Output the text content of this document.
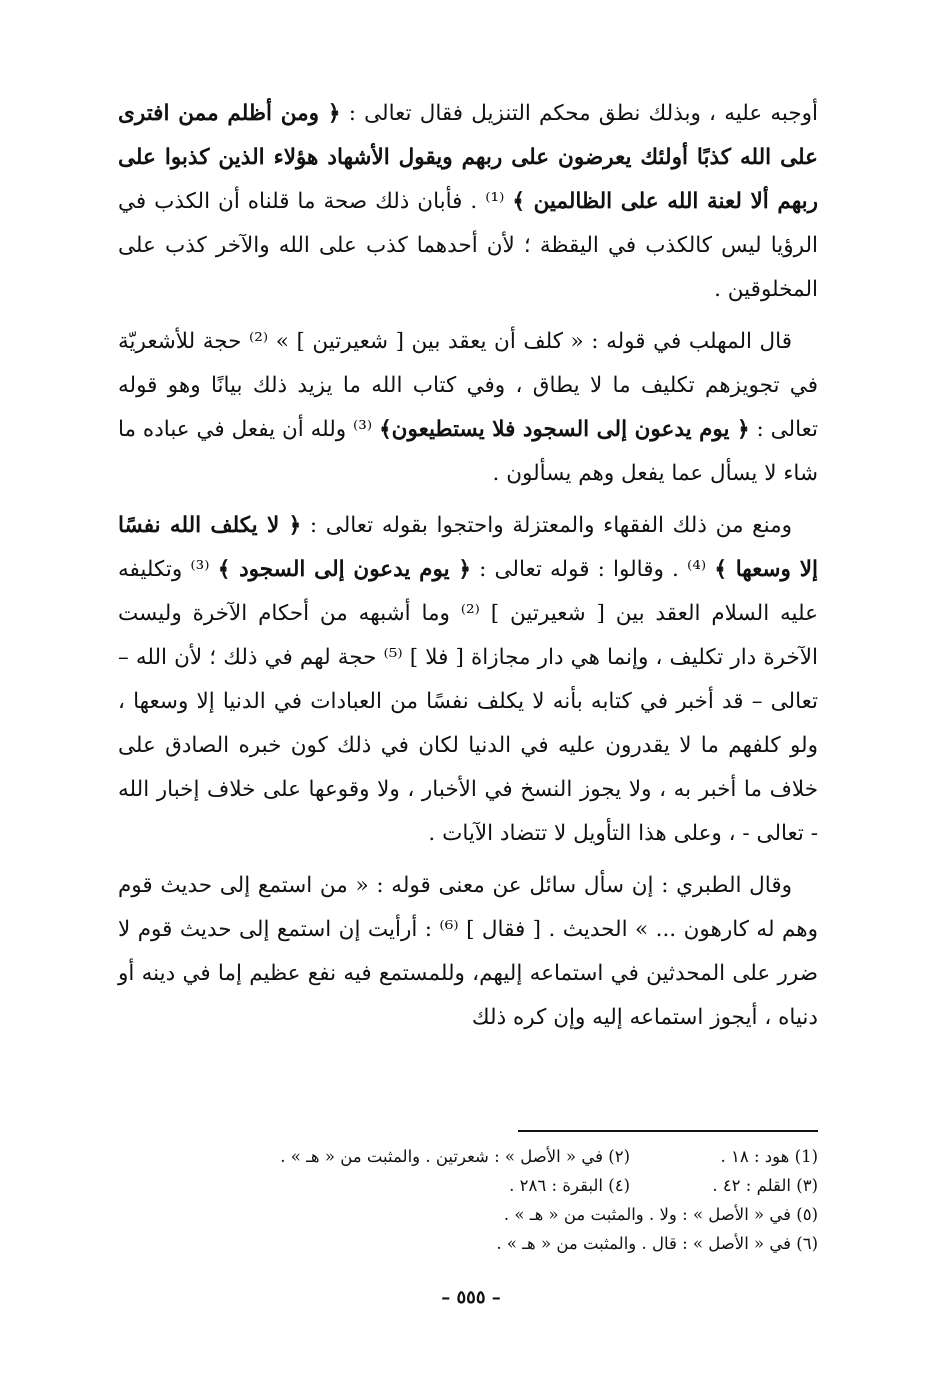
أوجبه عليه ، وبذلك نطق محكم التنزيل فقال تعالى : ﴿ ومن أظلم ممن افترى على الله كذبًا أولئك يعرضون على ربهم ويقول الأشهاد هؤلاء الذين كذبوا على ربهم ألا لعنة الله على الظالمين ﴾ ⁽¹⁾ . فأبان ذلك صحة ما قلناه أن الكذب في الرؤيا ليس كالكذب في اليقظة ؛ لأن أحدهما كذب على الله والآخر كذب على المخلوقين .

قال المهلب في قوله : « كلف أن يعقد بين [ شعيرتين ] » ⁽²⁾ حجة للأشعريّة في تجويزهم تكليف ما لا يطاق ، وفي كتاب الله ما يزيد ذلك بيانًا وهو قوله تعالى : ﴿ يوم يدعون إلى السجود فلا يستطيعون﴾ ⁽³⁾ ولله أن يفعل في عباده ما شاء لا يسأل عما يفعل وهم يسألون .

ومنع من ذلك الفقهاء والمعتزلة واحتجوا بقوله تعالى : ﴿ لا يكلف الله نفسًا إلا وسعها ﴾ ⁽⁴⁾ . وقالوا : قوله تعالى : ﴿ يوم يدعون إلى السجود ﴾ ⁽³⁾ وتكليفه عليه السلام العقد بين [ شعيرتين ] ⁽²⁾ وما أشبهه من أحكام الآخرة وليست الآخرة دار تكليف ، وإنما هي دار مجازاة [ فلا ] ⁽⁵⁾ حجة لهم في ذلك ؛ لأن الله – تعالى – قد أخبر في كتابه بأنه لا يكلف نفسًا من العبادات في الدنيا إلا وسعها ، ولو كلفهم ما لا يقدرون عليه في الدنيا لكان في ذلك كون خبره الصادق على خلاف ما أخبر به ، ولا يجوز النسخ في الأخبار ، ولا وقوعها على خلاف إخبار الله - تعالى - ، وعلى هذا التأويل لا تتضاد الآيات .

وقال الطبري : إن سأل سائل عن معنى قوله : « من استمع إلى حديث قوم وهم له كارهون ... » الحديث . [ فقال ] ⁽⁶⁾ : أرأيت إن استمع إلى حديث قوم لا ضرر على المحدثين في استماعه إليهم، وللمستمع فيه نفع عظيم إما في دينه أو دنياه ، أيجوز استماعه إليه وإن كره ذلك

(1) هود : ١٨ .
(٢) في « الأصل » : شعرتين . والمثبت من « هـ » .
(٣) القلم : ٤٢ .
(٤) البقرة : ٢٨٦ .
(٥) في « الأصل » : ولا . والمثبت من « هـ » .
(٦) في « الأصل » : قال . والمثبت من « هـ » .
– ٥٥٥ –
